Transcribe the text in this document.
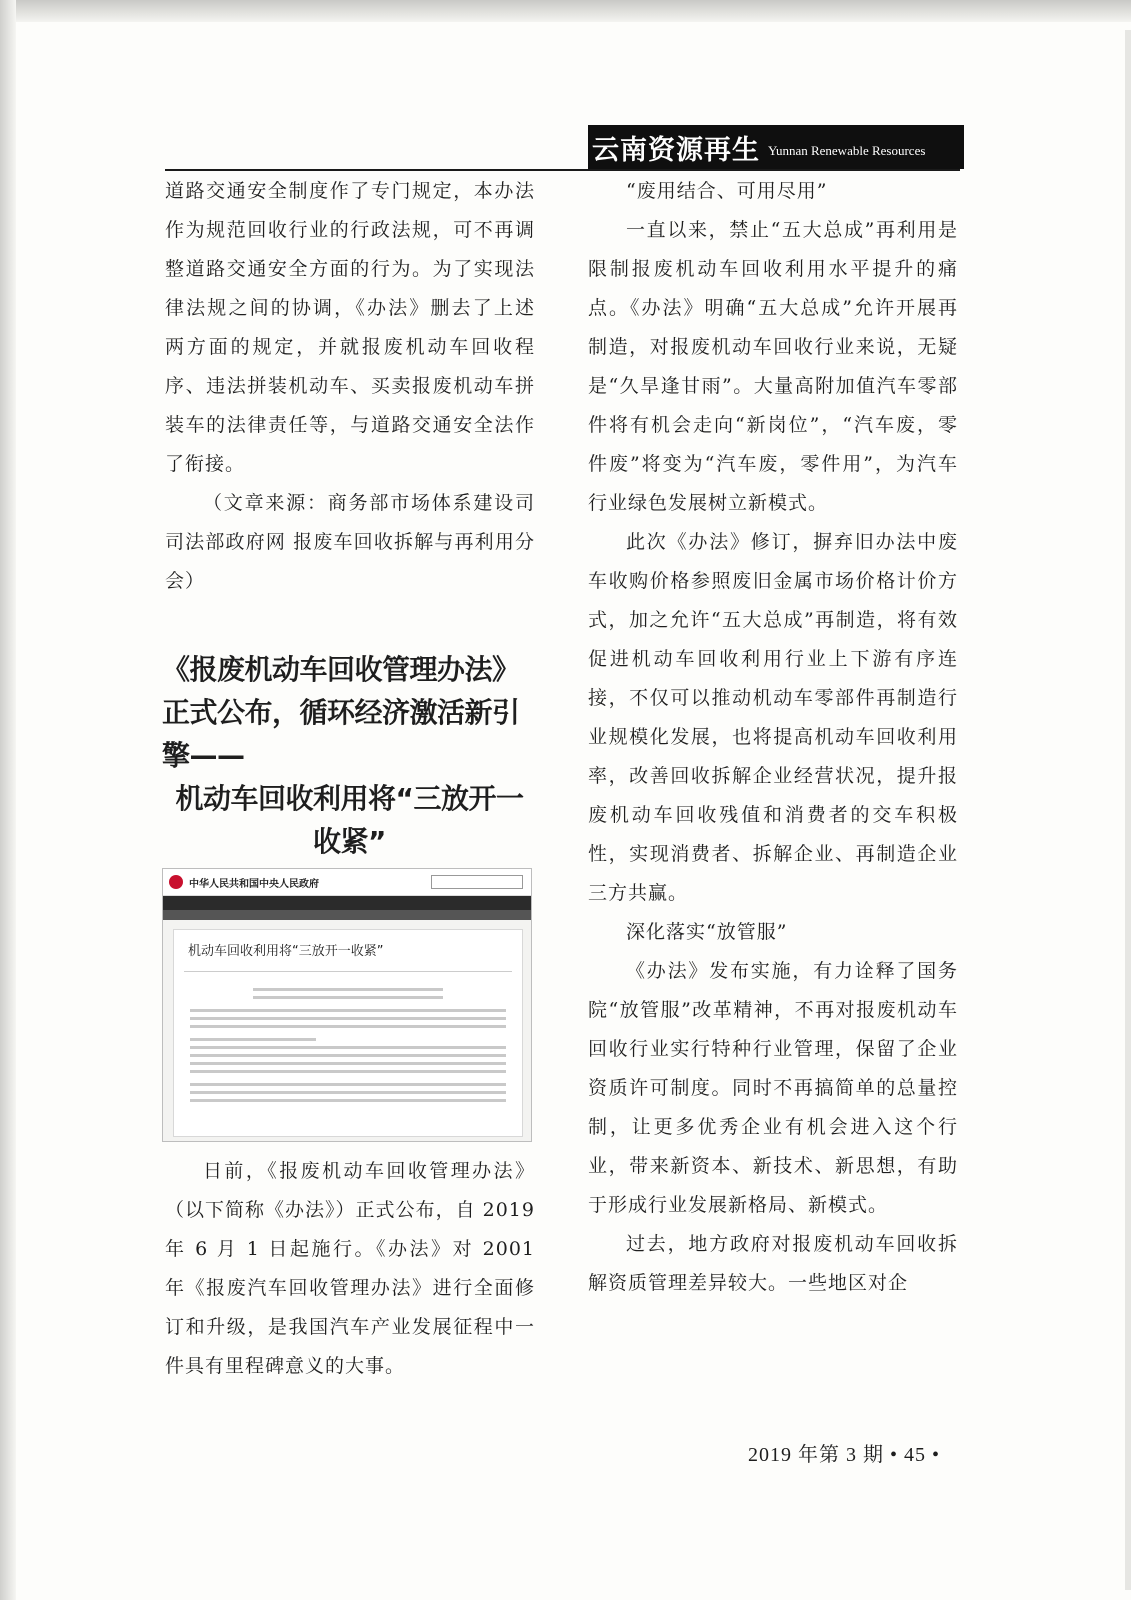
云南资源再生 Yunnan Renewable Resources

道路交通安全制度作了专门规定，本办法作为规范回收行业的行政法规，可不再调整道路交通安全方面的行为。为了实现法律法规之间的协调，《办法》删去了上述两方面的规定，并就报废机动车回收程序、违法拼装机动车、买卖报废机动车拼装车的法律责任等，与道路交通安全法作了衔接。

（文章来源：商务部市场体系建设司 司法部政府网 报废车回收拆解与再利用分会）

《报废机动车回收管理办法》正式公布，循环经济激活新引擎——

机动车回收利用将“三放开一收紧”

中华人民共和国中央人民政府
机动车回收利用将“三放开一收紧”

日前，《报废机动车回收管理办法》（以下简称《办法》）正式公布，自 2019 年 6 月 1 日起施行。《办法》对 2001 年《报废汽车回收管理办法》进行全面修订和升级，是我国汽车产业发展征程中一件具有里程碑意义的大事。

“废用结合、可用尽用”

一直以来，禁止“五大总成”再利用是限制报废机动车回收利用水平提升的痛点。《办法》明确“五大总成”允许开展再制造，对报废机动车回收行业来说，无疑是“久旱逢甘雨”。大量高附加值汽车零部件将有机会走向“新岗位”，“汽车废，零件废”将变为“汽车废，零件用”，为汽车行业绿色发展树立新模式。

此次《办法》修订，摒弃旧办法中废车收购价格参照废旧金属市场价格计价方式，加之允许“五大总成”再制造，将有效促进机动车回收利用行业上下游有序连接，不仅可以推动机动车零部件再制造行业规模化发展，也将提高机动车回收利用率，改善回收拆解企业经营状况，提升报废机动车回收残值和消费者的交车积极性，实现消费者、拆解企业、再制造企业三方共赢。

深化落实“放管服”

《办法》发布实施，有力诠释了国务院“放管服”改革精神，不再对报废机动车回收行业实行特种行业管理，保留了企业资质许可制度。同时不再搞简单的总量控制，让更多优秀企业有机会进入这个行业，带来新资本、新技术、新思想，有助于形成行业发展新格局、新模式。

过去，地方政府对报废机动车回收拆解资质管理差异较大。一些地区对企

2019 年第 3 期 • 45 •
